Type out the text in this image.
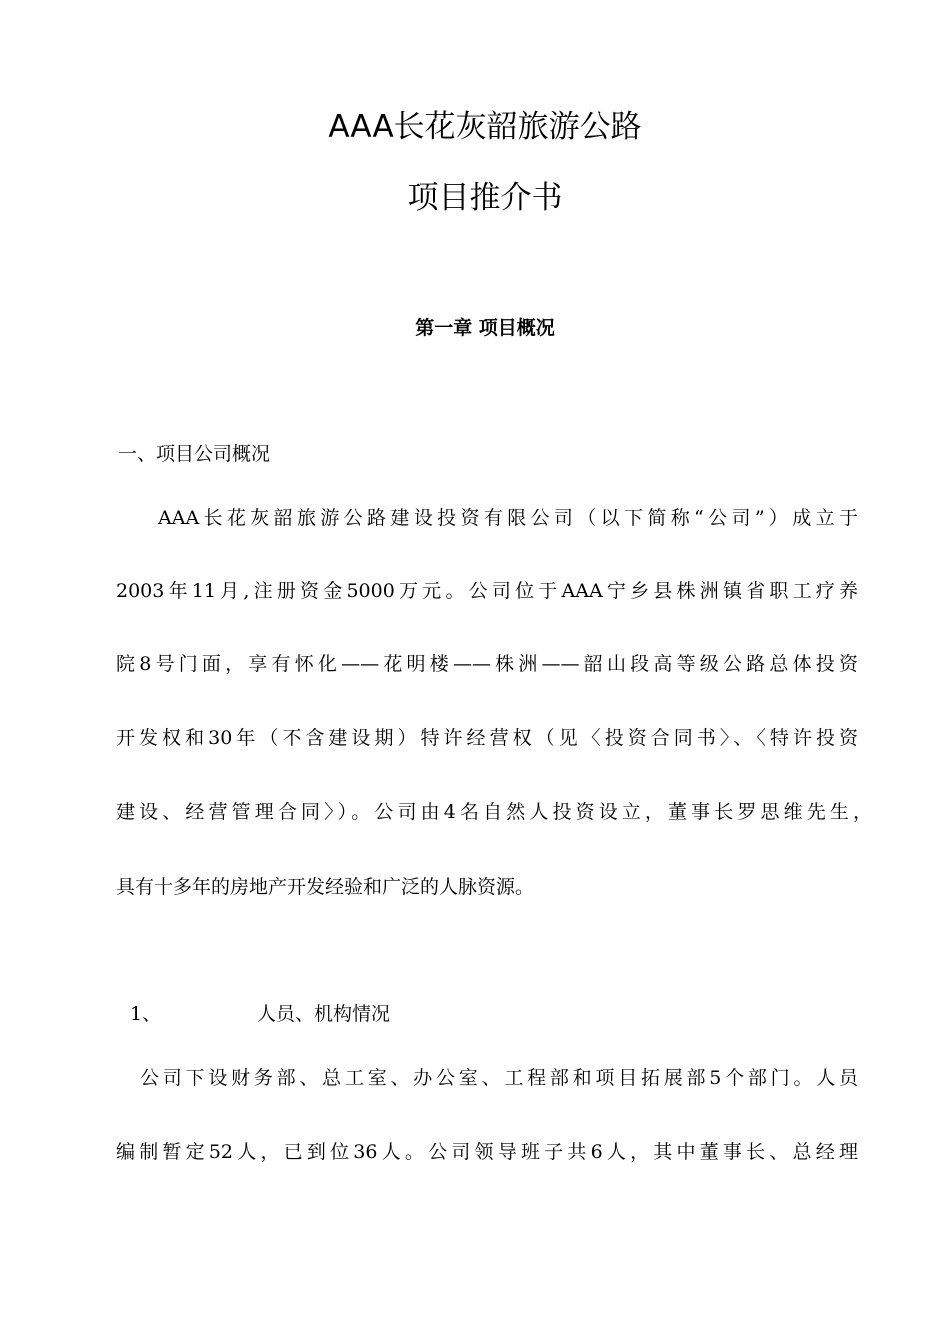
AAA长花灰韶旅游公路
项目推介书
第一章 项目概况
一、项目公司概况
AAA长花灰韶旅游公路建设投资有限公司（以下简称“公司”）成立于
2003年11月,注册资金5000万元。公司位于AAA宁乡县株洲镇省职工疗养
院8号门面，享有怀化——花明楼——株洲——韶山段高等级公路总体投资
开发权和30年（不含建设期）特许经营权（见〈投资合同书〉、〈特许投资
建设、经营管理合同〉）。公司由4名自然人投资设立，董事长罗思维先生，
具有十多年的房地产开发经验和广泛的人脉资源。
1、	人员、机构情况
公司下设财务部、总工室、办公室、工程部和项目拓展部5个部门。人员
编制暂定52人，已到位36人。公司领导班子共6人，其中董事长、总经理
